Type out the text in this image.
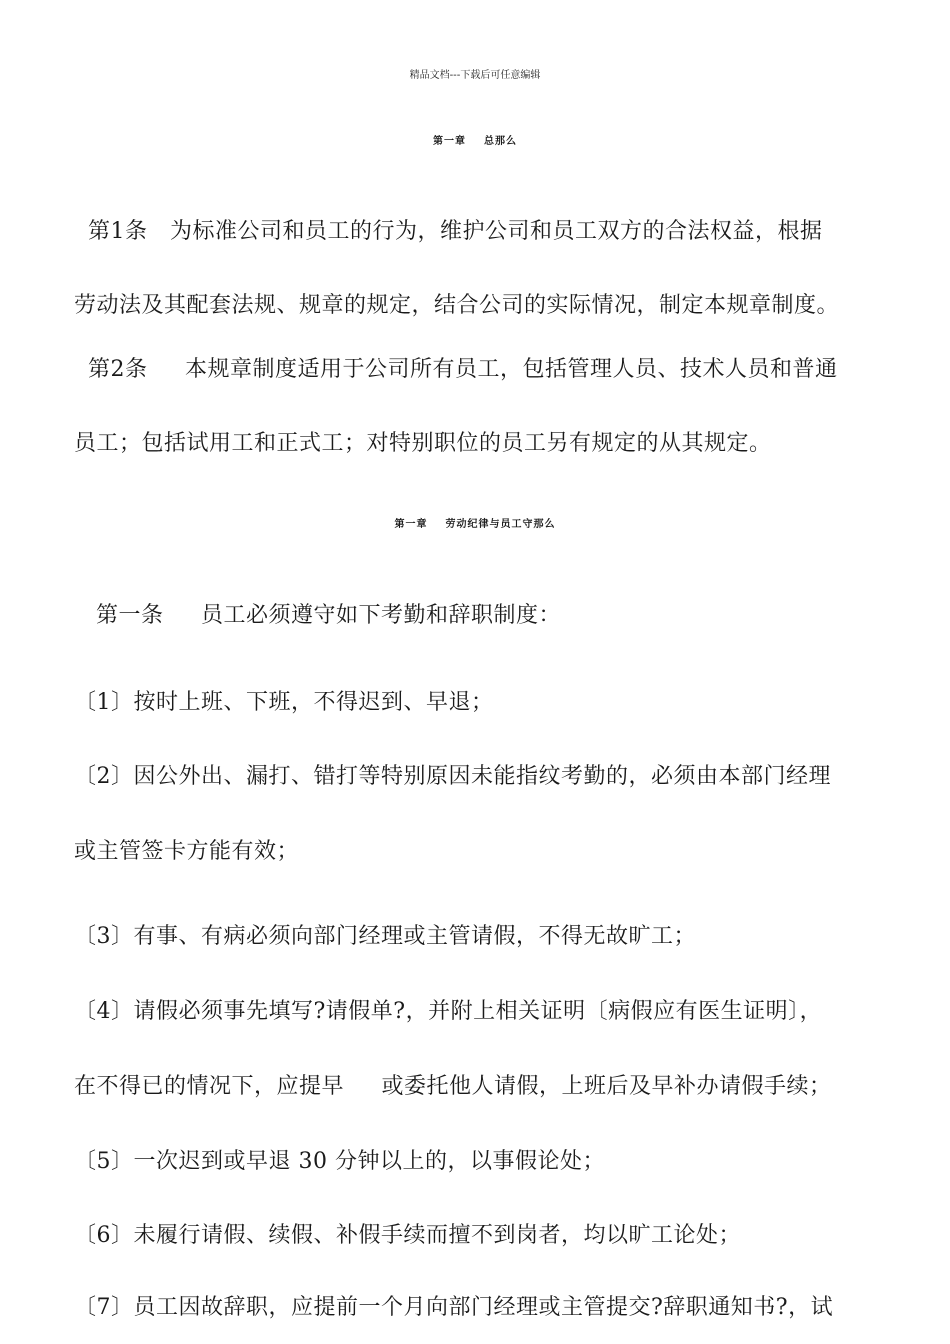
精品文档---下载后可任意编辑
第一章    总那么
第1条   为标准公司和员工的行为，维护公司和员工双方的合法权益，根据
劳动法及其配套法规、规章的规定，结合公司的实际情况，制定本规章制度。
第2条     本规章制度适用于公司所有员工，包括管理人员、技术人员和普通
员工；包括试用工和正式工；对特别职位的员工另有规定的从其规定。
第一章    劳动纪律与员工守那么
第一条     员工必须遵守如下考勤和辞职制度：
〔1〕按时上班、下班，不得迟到、早退；
〔2〕因公外出、漏打、错打等特别原因未能指纹考勤的，必须由本部门经理
或主管签卡方能有效；
〔3〕有事、有病必须向部门经理或主管请假，不得无故旷工；
〔4〕请假必须事先填写?请假单?，并附上相关证明〔病假应有医生证明〕，
在不得已的情况下，应提早     或委托他人请假，上班后及早补办请假手续；
〔5〕一次迟到或早退 30 分钟以上的，以事假论处；
〔6〕未履行请假、续假、补假手续而擅不到岗者，均以旷工论处；
〔7〕员工因故辞职，应提前一个月向部门经理或主管提交?辞职通知书?，试
